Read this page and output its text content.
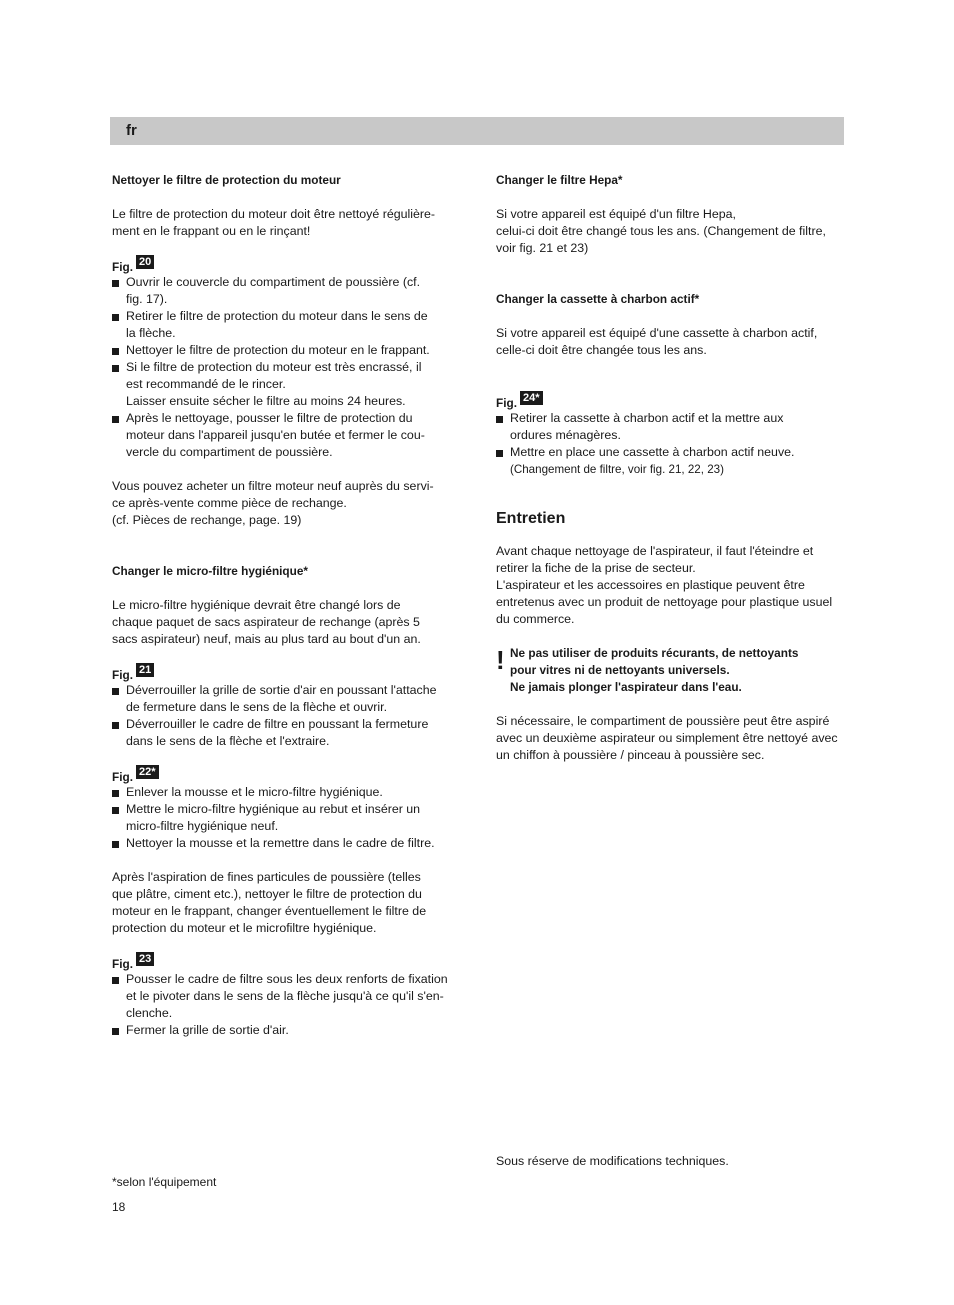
fr

Nettoyer le filtre de protection du moteur

Le filtre de protection du moteur doit être nettoyé régulière-
ment en le frappant ou en le rinçant!

Fig. 20

Ouvrir le couvercle du compartiment de poussière (cf.
fig. 17).
Retirer le filtre de protection du moteur dans le sens de
la flèche.
Nettoyer le filtre de protection du moteur en le frappant.
Si le filtre de protection du moteur est très encrassé, il
est recommandé de le rincer.
Laisser ensuite sécher le filtre au moins 24 heures.
Après le nettoyage, pousser le filtre de protection du
moteur dans l'appareil jusqu'en butée et fermer le cou-
vercle du compartiment de poussière.

Vous pouvez acheter un filtre moteur neuf auprès du servi-
ce après-vente comme pièce de rechange.
(cf. Pièces de rechange, page. 19)

Changer le micro-filtre hygiénique*

Le micro-filtre hygiénique devrait être changé lors de
chaque paquet de sacs aspirateur de rechange (après 5
sacs aspirateur) neuf, mais au plus tard au bout d'un an.

Fig. 21

Déverrouiller la grille de sortie d'air en poussant l'attache
de fermeture dans le sens de la flèche et ouvrir.
Déverrouiller le cadre de filtre en poussant la fermeture
dans le sens de la flèche et l'extraire.

Fig. 22*

Enlever la mousse et le micro-filtre hygiénique.
Mettre le micro-filtre hygiénique au rebut et insérer un
micro-filtre hygiénique neuf.
Nettoyer la mousse et la remettre dans le cadre de filtre.

Après l'aspiration de fines particules de poussière (telles
que plâtre, ciment etc.), nettoyer le filtre de protection du
moteur en le frappant, changer éventuellement le filtre de
protection du moteur et le microfiltre hygiénique.

Fig. 23

Pousser le cadre de filtre sous les deux renforts de fixation
et le pivoter dans le sens de la flèche jusqu'à ce qu'il s'en-
clenche.
Fermer la grille de sortie d'air.

Changer le filtre Hepa*

Si votre appareil est équipé d'un filtre Hepa,
celui-ci doit être changé tous les ans. (Changement de filtre,
voir fig. 21 et 23)

Changer la cassette à charbon actif*

Si votre appareil est équipé d'une cassette à charbon actif,
celle-ci doit être changée tous les ans.

Fig. 24*

Retirer la cassette à charbon actif et la mettre aux
ordures ménagères.
Mettre en place une cassette à charbon actif neuve.
(Changement de filtre, voir fig. 21, 22, 23)

Entretien

Avant chaque nettoyage de l'aspirateur, il faut l'éteindre et
retirer la fiche de la prise de secteur.
L'aspirateur et les accessoires en plastique peuvent être
entretenus avec un produit de nettoyage pour plastique usuel
du commerce.

! Ne pas utiliser de produits récurants, de nettoyants
pour vitres ni de nettoyants universels.
Ne jamais plonger l'aspirateur dans l'eau.

Si nécessaire, le compartiment de poussière peut être aspiré
avec un deuxième aspirateur ou simplement être nettoyé avec
un chiffon à poussière / pinceau à poussière sec.

Sous réserve de modifications techniques.

*selon l'équipement

18
